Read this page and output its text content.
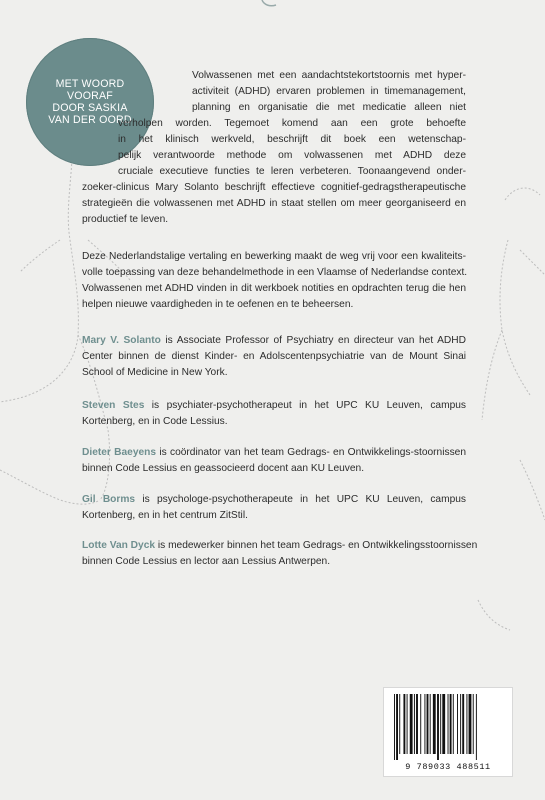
MET WOORD
VOORAF
DOOR SASKIA
VAN DER OORD
Volwassenen met een aandachtstekortstoornis met hyper-
activiteit (ADHD) ervaren problemen in timemanagement,
planning en organisatie die met medicatie alleen niet
verholpen worden. Tegemoet komend aan een grote behoefte
in het klinisch werkveld, beschrijft dit boek een wetenschap-
pelijk verantwoorde methode om volwassenen met ADHD deze
cruciale executieve functies te leren verbeteren. Toonaangevend onder-
zoeker-clinicus Mary Solanto beschrijft effectieve cognitief-gedragstherapeutische
strategieën die volwassenen met ADHD in staat stellen om meer georganiseerd en
productief te leven.
Deze Nederlandstalige vertaling en bewerking maakt de weg vrij voor een kwaliteits-
volle toepassing van deze behandelmethode in een Vlaamse of Nederlandse context.
Volwassenen met ADHD vinden in dit werkboek notities en opdrachten terug die hen
helpen nieuwe vaardigheden in te oefenen en te beheersen.
Mary V. Solanto is Associate Professor of Psychiatry en directeur van het ADHD
Center binnen de dienst Kinder- en Adolscentenpsychiatrie van de Mount Sinai
School of Medicine in New York.
Steven Stes is psychiater-psychotherapeut in het UPC KU Leuven, campus
Kortenberg, en in Code Lessius.
Dieter Baeyens is coördinator van het team Gedrags- en Ontwikkelings-stoornissen
binnen Code Lessius en geassocieerd docent aan KU Leuven.
Gil Borms is psychologe-psychotherapeute in het UPC KU Leuven, campus
Kortenberg, en in het centrum ZitStil.
Lotte Van Dyck is medewerker binnen het team Gedrags- en Ontwikkelingsstoornissen
binnen Code Lessius en lector aan Lessius Antwerpen.
9 789033 488511
